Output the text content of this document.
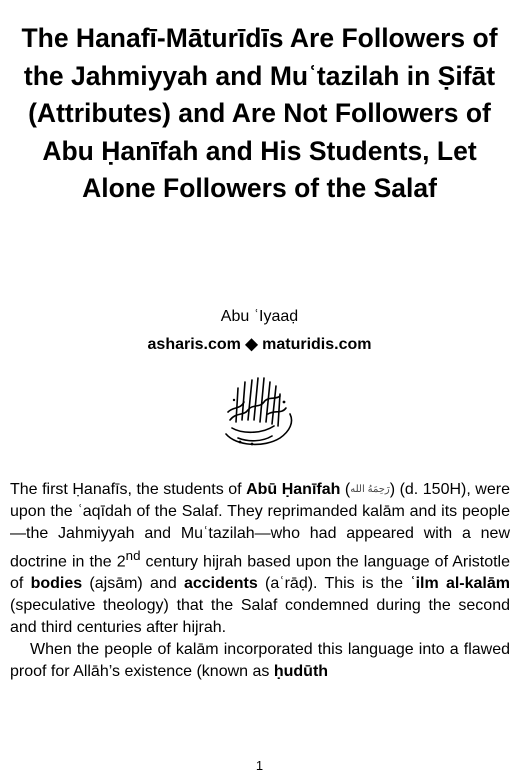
The Hanafī-Māturīdīs Are Followers of the Jahmiyyah and Muʿtazilah in Ṣifāt (Attributes) and Are Not Followers of Abu Ḥanīfah and His Students, Let Alone Followers of the Salaf
Abu ʿIyaaḍ
asharis.com ◆ maturidis.com

The first Ḥanafīs, the students of Abū Ḥanīfah (رَحِمَهُ الله) (d. 150H), were upon the ʿaqīdah of the Salaf. They reprimanded kalām and its people—the Jahmiyyah and Muʿtazilah—who had appeared with a new doctrine in the 2nd century hijrah based upon the language of Aristotle of bodies (ajsām) and accidents (aʿrāḍ). This is the ʿilm al-kalām (speculative theology) that the Salaf condemned during the second and third centuries after hijrah.

When the people of kalām incorporated this language into a flawed proof for Allāh’s existence (known as ḥudūth

1
